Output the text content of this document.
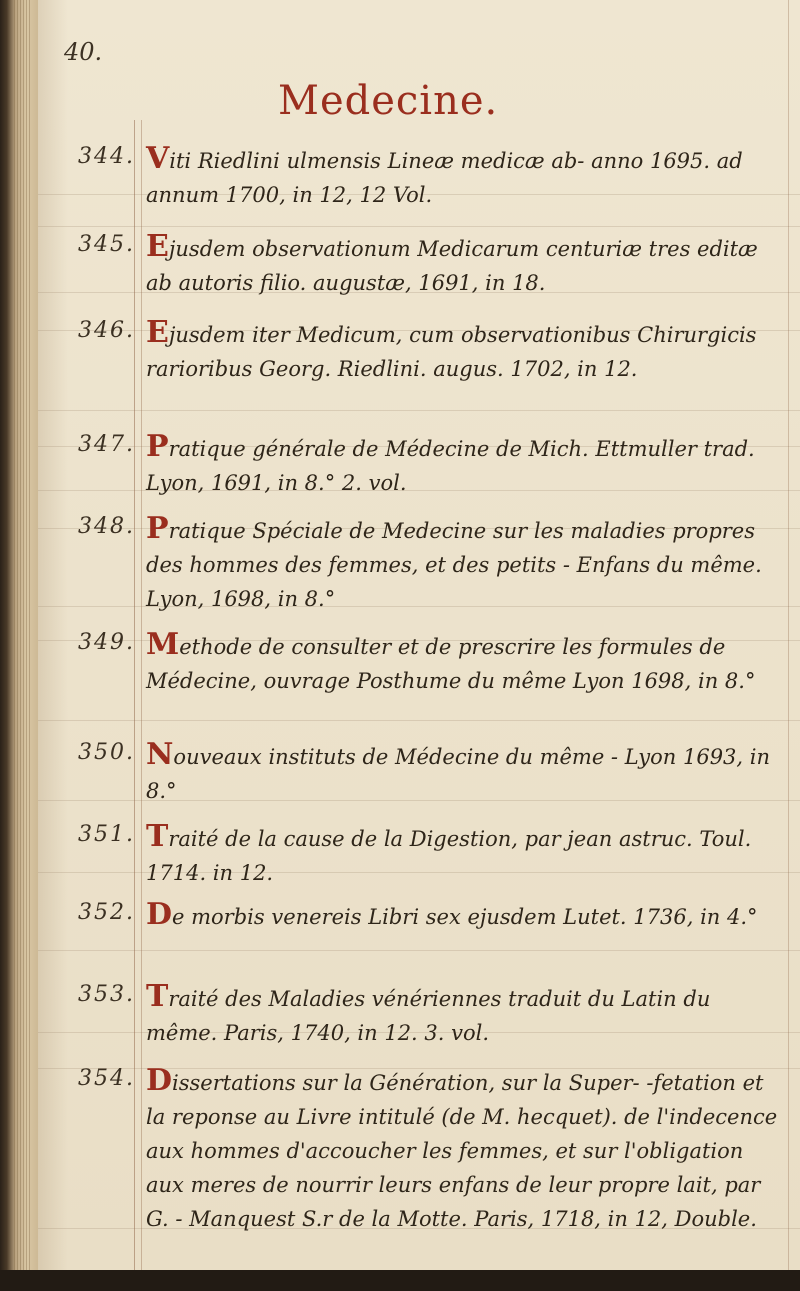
40.
Medecine.
344. Viti Riedlini ulmensis Lineæ medicæ ab- anno 1695. ad annum 1700, in 12, 12 Vol.
345. Ejusdem observationum Medicarum centuriæ tres editæ ab autoris filio. augustæ, 1691, in 18.
346. Ejusdem iter Medicum, cum observationibus Chirurgicis rarioribus Georg. Riedlini. augus. 1702, in 12.
347. Pratique générale de Médecine de Mich. Ettmuller trad. Lyon, 1691, in 8.° 2. vol.
348. Pratique Spéciale de Medecine sur les maladies propres des hommes des femmes, et des petits - Enfans du même. Lyon, 1698, in 8.°
349. Methode de consulter et de prescrire les formules de Médecine, ouvrage Posthume du même Lyon 1698, in 8.°
350. Nouveaux instituts de Médecine du même - Lyon 1693, in 8.°
351. Traité de la cause de la Digestion, par jean astruc. Toul. 1714. in 12.
352. De morbis venereis Libri sex ejusdem Lutet. 1736, in 4.°
353. Traité des Maladies vénériennes traduit du Latin du même. Paris, 1740, in 12. 3. vol.
354. Dissertations sur la Génération, sur la Super- -fetation et la reponse au Livre intitulé (de M. hecquet). de l'indecence aux hommes d'accoucher les femmes, et sur l'obligation aux meres de nourrir leurs enfans de leur propre lait, par G. - Manquest S.r de la Motte. Paris, 1718, in 12, Double.
